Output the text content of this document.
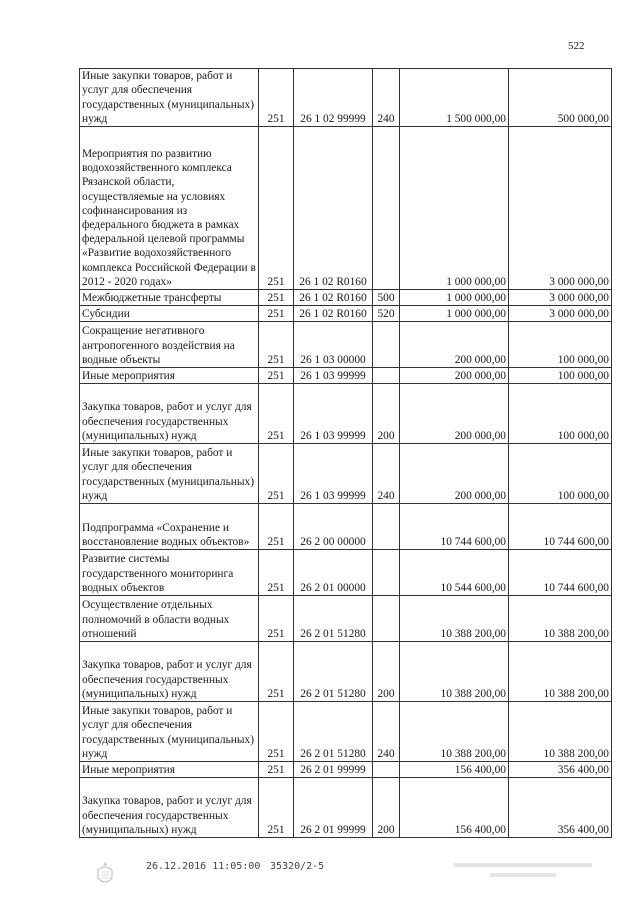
522
Иные закупки товаров, работ и услуг для обеспечения государственных (муниципальных) нужд	251	26 1 02 99999	240	1 500 000,00	500 000,00
Мероприятия по развитию водохозяйственного комплекса Рязанской области, осуществляемые на условиях софинансирования из федерального бюджета в рамках федеральной целевой программы «Развитие водохозяйственного комплекса Российской Федерации в 2012 - 2020 годах»	251	26 1 02 R0160		1 000 000,00	3 000 000,00
Межбюджетные трансферты	251	26 1 02 R0160	500	1 000 000,00	3 000 000,00
Субсидии	251	26 1 02 R0160	520	1 000 000,00	3 000 000,00
Сокращение негативного антропогенного воздействия на водные объекты	251	26 1 03 00000		200 000,00	100 000,00
Иные мероприятия	251	26 1 03 99999		200 000,00	100 000,00
Закупка товаров, работ и услуг для обеспечения государственных (муниципальных) нужд	251	26 1 03 99999	200	200 000,00	100 000,00
Иные закупки товаров, работ и услуг для обеспечения государственных (муниципальных) нужд	251	26 1 03 99999	240	200 000,00	100 000,00
Подпрограмма «Сохранение и восстановление водных объектов»	251	26 2 00 00000		10 744 600,00	10 744 600,00
Развитие системы государственного мониторинга водных объектов	251	26 2 01 00000		10 544 600,00	10 744 600,00
Осуществление отдельных полномочий в области водных отношений	251	26 2 01 51280		10 388 200,00	10 388 200,00
Закупка товаров, работ и услуг для обеспечения государственных (муниципальных) нужд	251	26 2 01 51280	200	10 388 200,00	10 388 200,00
Иные закупки товаров, работ и услуг для обеспечения государственных (муниципальных) нужд	251	26 2 01 51280	240	10 388 200,00	10 388 200,00
Иные мероприятия	251	26 2 01 99999		156 400,00	356 400,00
Закупка товаров, работ и услуг для обеспечения государственных (муниципальных) нужд	251	26 2 01 99999	200	156 400,00	356 400,00
26.12.2016 11:05:00 35320/2-5
